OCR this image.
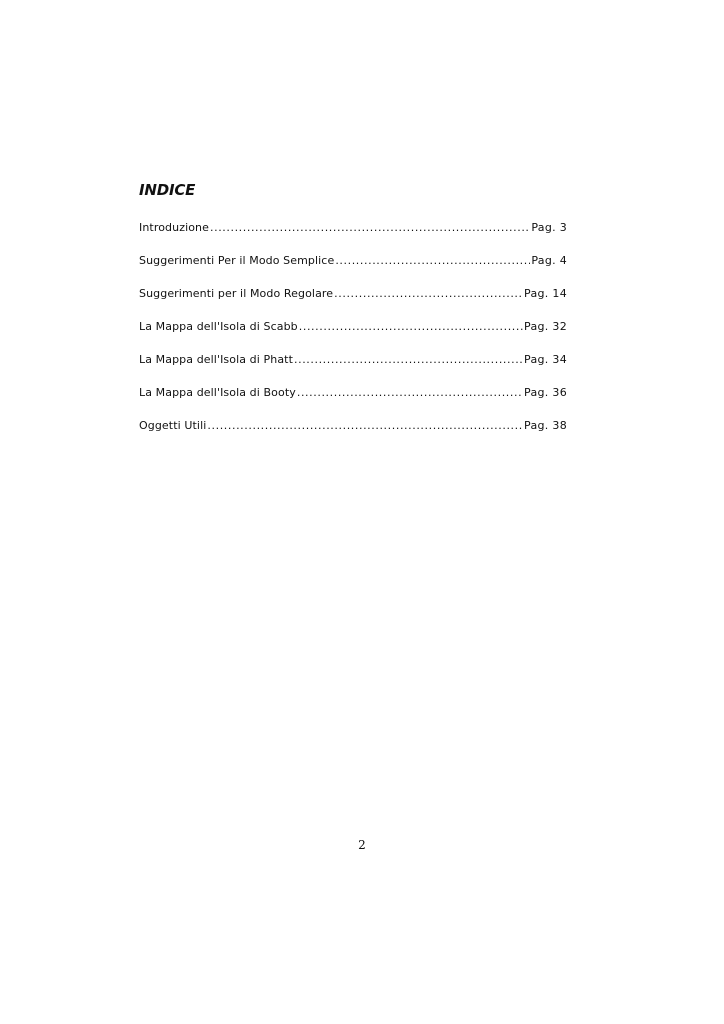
INDICE
Introduzione .....	Pag. 3
Suggerimenti Per il Modo Semplice .....	Pag. 4
Suggerimenti per il Modo Regolare .....	Pag. 14
La Mappa dell'Isola di Scabb .....	Pag. 32
La Mappa dell'Isola di Phatt .....	Pag. 34
La Mappa dell'Isola di Booty .....	Pag. 36
Oggetti Utili .....	Pag. 38
2
